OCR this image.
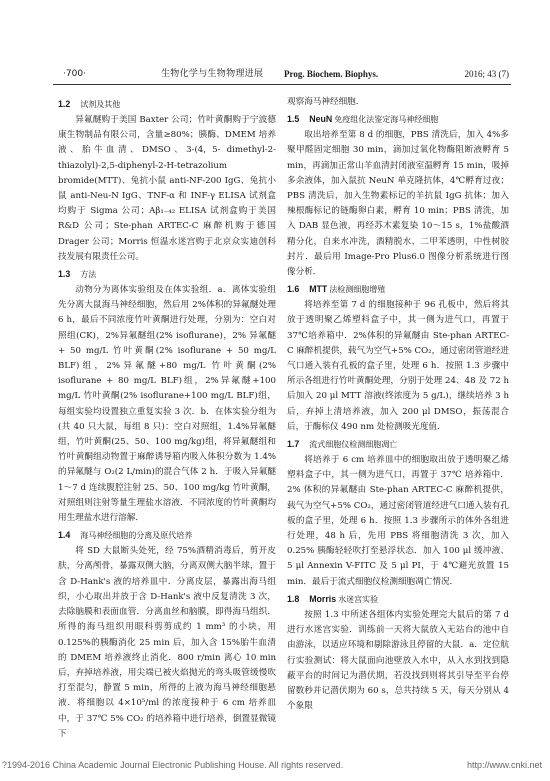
·700·	生物化学与生物物理进展 Prog. Biochem. Biophys.	2016; 43 (7)
1.2 试剂及其他

异氟醚购于美国 Baxter 公司；竹叶黄酮购于宁波德康生物制品有限公司，含量≥80%；胰酶、DMEM 培养液、胎牛血清、DMSO、3-(4, 5- dimethyl-2-thiazolyl)-2,5-diphenyl-2-H-tetrazolium bromide(MTT)、兔抗小鼠 anti-NF-200 IgG、兔抗小鼠 anti-Neu-N IgG、TNF-α 和 INF-γ ELISA 试剂盒均购于 Sigma 公司；Aβ₁₋₄₂ ELISA 试剂盒购于美国 R&D 公司；Ste-phan ARTEC-C 麻醉机购于德国 Drager 公司；Morris 恒温水迷宫购于北京众实迪创科技发展有限责任公司。

1.3 方法

动物分为离体实验组及在体实验组．a．离体实验组先分离大鼠海马神经细胞，然后用 2%体积的异氟醚处理 6 h，最后不同浓度竹叶黄酮进行处理，分别为：空白对照组(CK)，2%异氟醚组(2% isoflurane)，2% 异氟醚 + 50 mg/L 竹叶黄酮(2% isoflurane + 50 mg/L BLF)组，2%异氟醚+80 mg/L 竹叶黄酮(2% isoflurane + 80 mg/L BLF)组，2%异氟醚+100 mg/L 竹叶黄酮(2% isoflurane+100 mg/L BLF)组，每组实验均设置独立重复实验 3 次．b．在体实验分组为(共 40 只大鼠，每组 8 只)：空白对照组，1.4%异氟醚组，竹叶黄酮(25、50、100 mg/kg)组，将异氟醚组和竹叶黄酮组动物置于麻醉诱导箱内吸入体积分数为 1.4%的异氟醚与 O₂(2 L/min)的混合气体 2 h．于吸入异氟醚 1～7 d 连续腹腔注射 25、50、100 mg/kg 竹叶黄酮，对照组则注射等量生理盐水溶液．不同浓度的竹叶黄酮均用生理盐水进行溶解．

1.4 海马神经细胞的分离及原代培养

将 SD 大鼠断头处死，经 75%酒精消毒后，剪开皮肤，分离颅骨，暴露双侧大脑，分离双侧大脑半球，置于含 D-Hank's 液的培养皿中．分离皮层，暴露出海马组织，小心取出并放于含 D-Hank's 液中反复清洗 3 次，去除脑膜和表面血管．分离血丝和脑膜，即得海马组织．所得的海马组织用眼科剪剪成约 1 mm³ 的小块，用 0.125%的胰酶消化 25 min 后，加入含 15%胎牛血清的 DMEM 培养液终止消化．800 r/min 离心 10 min 后，弃掉培养液，用尖端已被火焰抛光的弯头吸管缓慢吹打至混匀，静置 5 min，所得的上液为海马神经细胞悬液．将细胞以 4×10⁵/ml 的浓度接种于 6 cm 培养皿中，于 37℃ 5% CO₂ 的培养箱中进行培养，倒置显微镜下

观察海马神经细胞．

1.5 NeuN 免疫组化法鉴定海马神经细胞

取出培养至第 8 d 的细胞，PBS 清洗后，加入 4%多聚甲醛固定细胞 30 min，滴加过氧化物酶阻断液孵育 5 min，再滴加正常山羊血清封闭液室温孵育 15 min，吸掉多余液体，加入鼠抗 NeuN 单克隆抗体，4℃孵育过夜；PBS 清洗后，加入生物素标记的羊抗鼠 IgG 抗体；加入辣根酶标记的链酶卵白素，孵育 10 min；PBS 清洗，加入 DAB 显色液，再经苏木素复染 10～15 s，1%盐酸酒精分化，自来水冲洗，酒精脱水、二甲苯透明，中性树胶封片．最后用 Image-Pro Plus6.0 图像分析系统进行图像分析．

1.6 MTT 法检测细胞增殖

将培养至第 7 d 的细胞接种于 96 孔板中，然后将其放于透明聚乙烯塑料盒子中，其一侧为进气口，再置于 37℃培养箱中．2%体积的异氟醚由 Ste-phan ARTEC-C 麻醉机提供，载气为空气+5% CO₂，通过密闭管道经进气口通入装有孔板的盒子里，处理 6 h．按照 1.3 步骤中所示各组进行竹叶黄酮处理，分别于处理 24、48 及 72 h 后加入 20 μl MTT 溶液(终浓度为 5 g/L)，继续培养 3 h 后，弃掉上清培养液，加入 200 μl DMSO，振荡混合后，于酶标仪 490 nm 处检测吸光度值．

1.7 流式细胞仪检测细胞凋亡

将培养于 6 cm 培养皿中的细胞取出放于透明聚乙烯塑料盒子中，其一侧为进气口，再置于 37℃ 培养箱中．2% 体积的异氟醚由 Ste-phan ARTEC-C 麻醉机提供，载气为空气+5% CO₂，通过密闭管道经进气口通入装有孔板的盒子里，处理 6 h．按照 1.3 步骤所示的体外各组进行处理，48 h 后，先用 PBS 将细胞清洗 3 次，加入 0.25% 胰酶轻轻吹打至悬浮状态．加入 100 μl 缓冲液、5 μl Annexin V-FITC 及 5 μl PI，于 4℃避光放置 15 min．最后于流式细胞仪检测细胞凋亡情况．

1.8 Morris 水迷宫实验

按照 1.3 中所述各组体内实验处理完大鼠后的第 7 d 进行水迷宫实验．训练前一天将大鼠放入无站台的池中自由游泳，以适应环境和剔除游泳且停留的大鼠．a．定位航行实验测试：将大鼠面向池壁放入水中，从入水到找到隐蔽平台的时间记为潜伏期，若没找到则将其引导至平台停留数秒并记潜伏期为 60 s，总共持续 5 天，每天分别从 4 个象限

?1994-2016 China Academic Journal Electronic Publishing House. All rights reserved.	http://www.cnki.net
